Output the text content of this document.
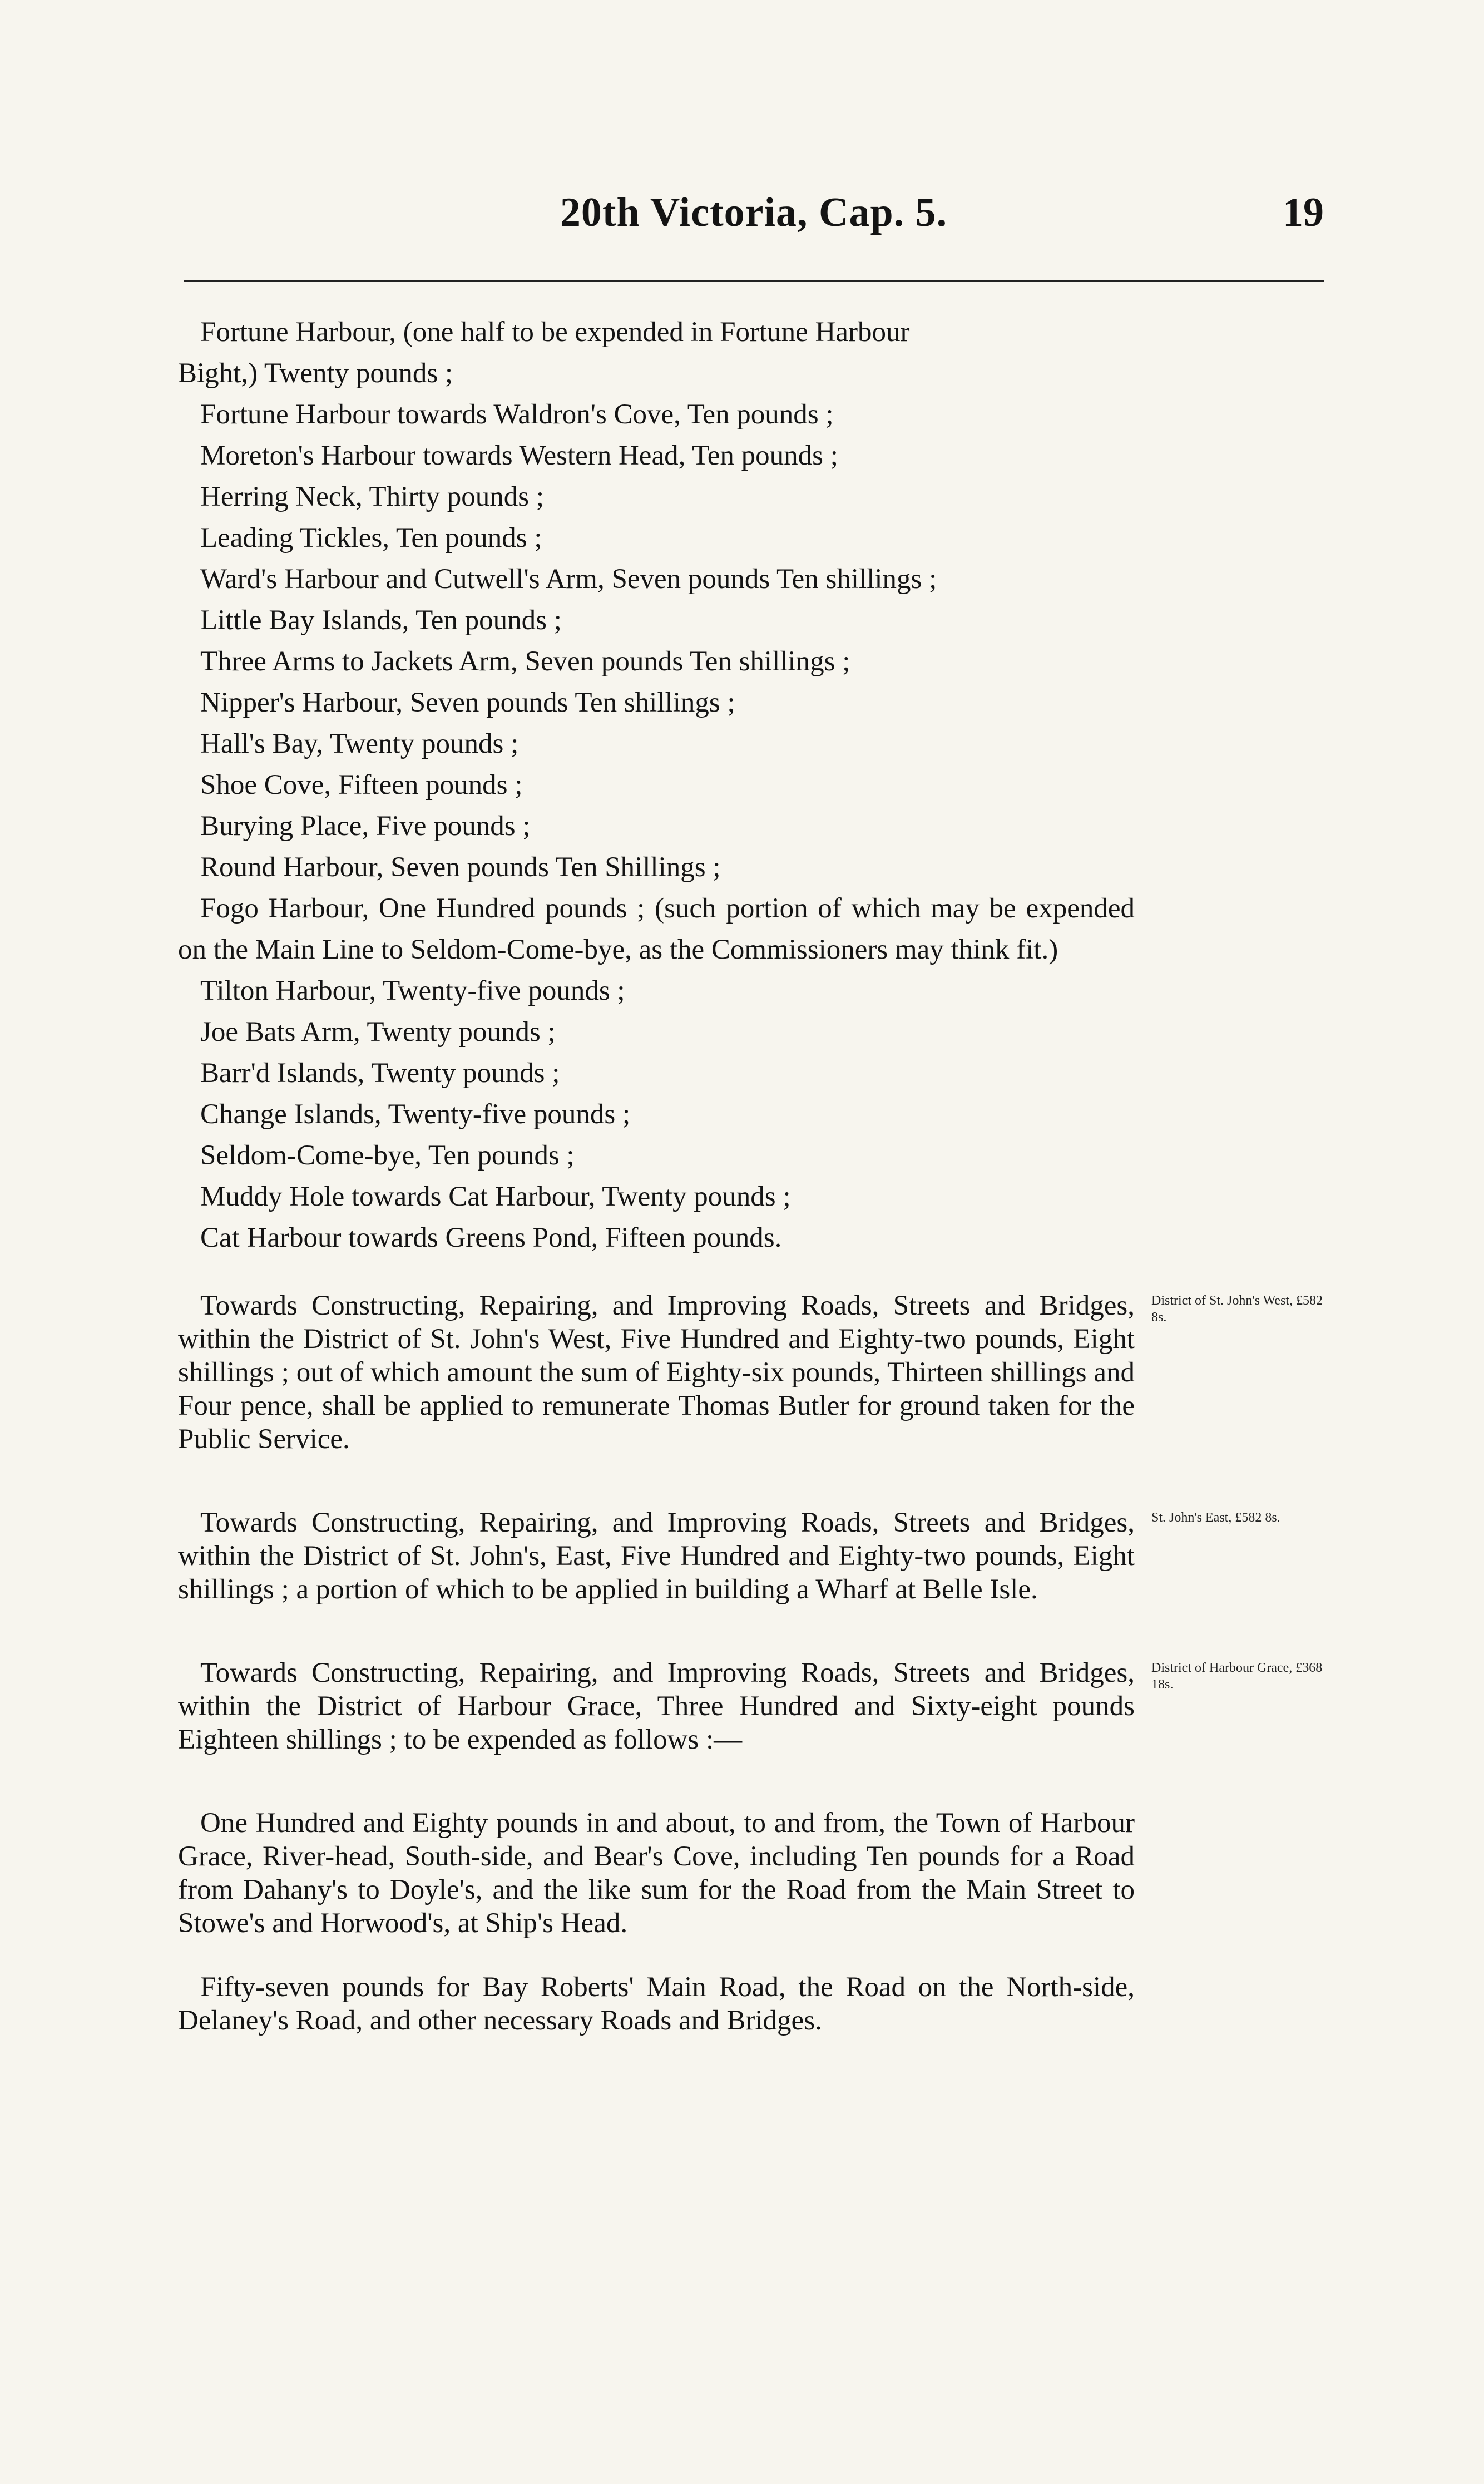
20th Victoria, Cap. 5.	19
Fortune Harbour, (one half to be expended in Fortune Harbour
Bight,) Twenty pounds ;
Fortune Harbour towards Waldron's Cove, Ten pounds ;
Moreton's Harbour towards Western Head, Ten pounds ;
Herring Neck, Thirty pounds ;
Leading Tickles, Ten pounds ;
Ward's Harbour and Cutwell's Arm, Seven pounds Ten shillings ;
Little Bay Islands, Ten pounds ;
Three Arms to Jackets Arm, Seven pounds Ten shillings ;
Nipper's Harbour, Seven pounds Ten shillings ;
Hall's Bay, Twenty pounds ;
Shoe Cove, Fifteen pounds ;
Burying Place, Five pounds ;
Round Harbour, Seven pounds Ten Shillings ;
Fogo Harbour, One Hundred pounds ; (such portion of which may be expended on the Main Line to Seldom-Come-bye, as the Commissioners may think fit.)
Tilton Harbour, Twenty-five pounds ;
Joe Bats Arm, Twenty pounds ;
Barr'd Islands, Twenty pounds ;
Change Islands, Twenty-five pounds ;
Seldom-Come-bye, Ten pounds ;
Muddy Hole towards Cat Harbour, Twenty pounds ;
Cat Harbour towards Greens Pond, Fifteen pounds.
Towards Constructing, Repairing, and Improving Roads, Streets and Bridges, within the District of St. John's West, Five Hundred and Eighty-two pounds, Eight shillings ; out of which amount the sum of Eighty-six pounds, Thirteen shillings and Four pence, shall be applied to remunerate Thomas Butler for ground taken for the Public Service.
District of St. John's West, £582 8s.
Towards Constructing, Repairing, and Improving Roads, Streets and Bridges, within the District of St. John's, East, Five Hundred and Eighty-two pounds, Eight shillings ; a portion of which to be applied in building a Wharf at Belle Isle.
St. John's East, £582 8s.
Towards Constructing, Repairing, and Improving Roads, Streets and Bridges, within the District of Harbour Grace, Three Hundred and Sixty-eight pounds Eighteen shillings ; to be expended as follows :—
District of Harbour Grace, £368 18s.
One Hundred and Eighty pounds in and about, to and from, the Town of Harbour Grace, River-head, South-side, and Bear's Cove, including Ten pounds for a Road from Dahany's to Doyle's, and the like sum for the Road from the Main Street to Stowe's and Horwood's, at Ship's Head.
Fifty-seven pounds for Bay Roberts' Main Road, the Road on the North-side, Delaney's Road, and other necessary Roads and Bridges.
